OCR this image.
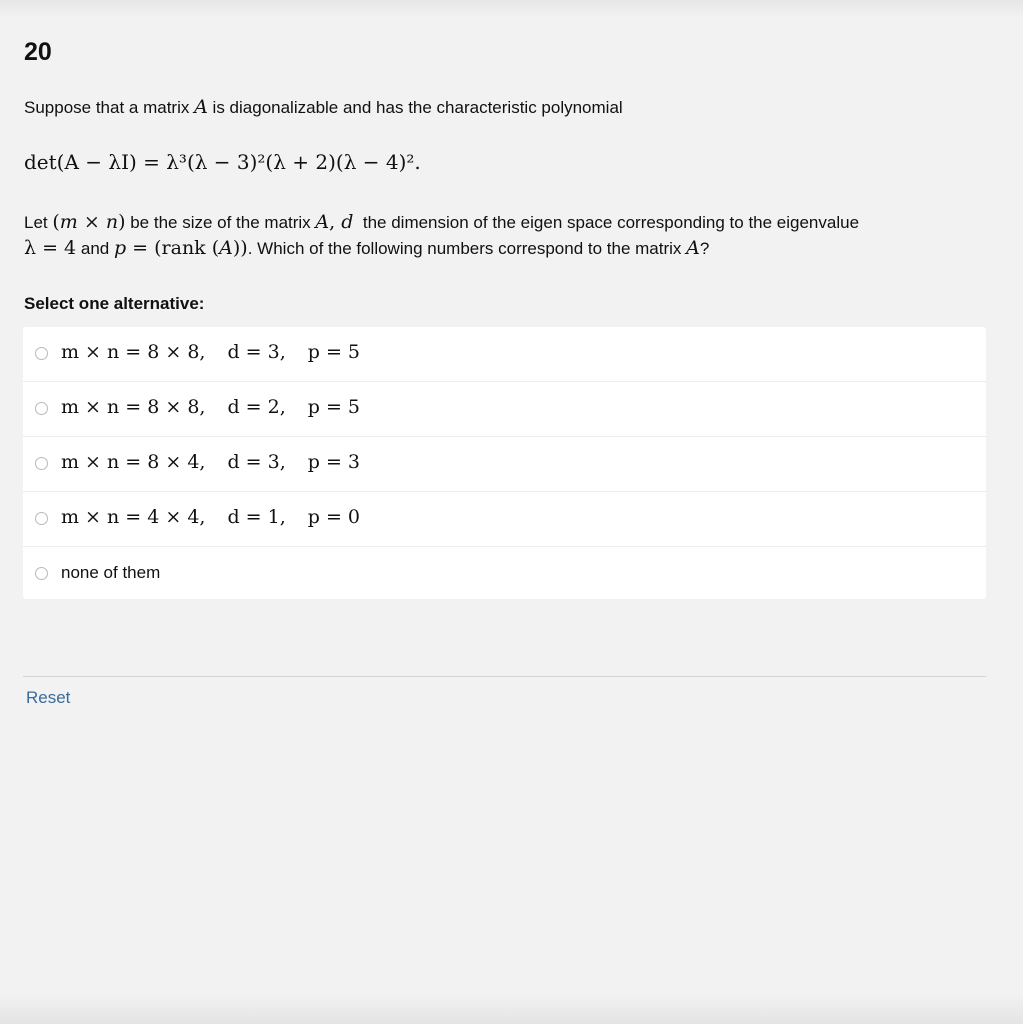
20
Suppose that a matrix A is diagonalizable and has the characteristic polynomial
det(A − λI) = λ³(λ − 3)²(λ + 2)(λ − 4)².
Let (m × n) be the size of the matrix A, d  the dimension of the eigen space corresponding to the eigenvalue
λ = 4 and p = (rank (A)). Which of the following numbers correspond to the matrix A?
Select one alternative:
m × n = 8 × 8, d = 3, p = 5
m × n = 8 × 8, d = 2, p = 5
m × n = 8 × 4, d = 3, p = 3
m × n = 4 × 4, d = 1, p = 0
none of them
Reset
